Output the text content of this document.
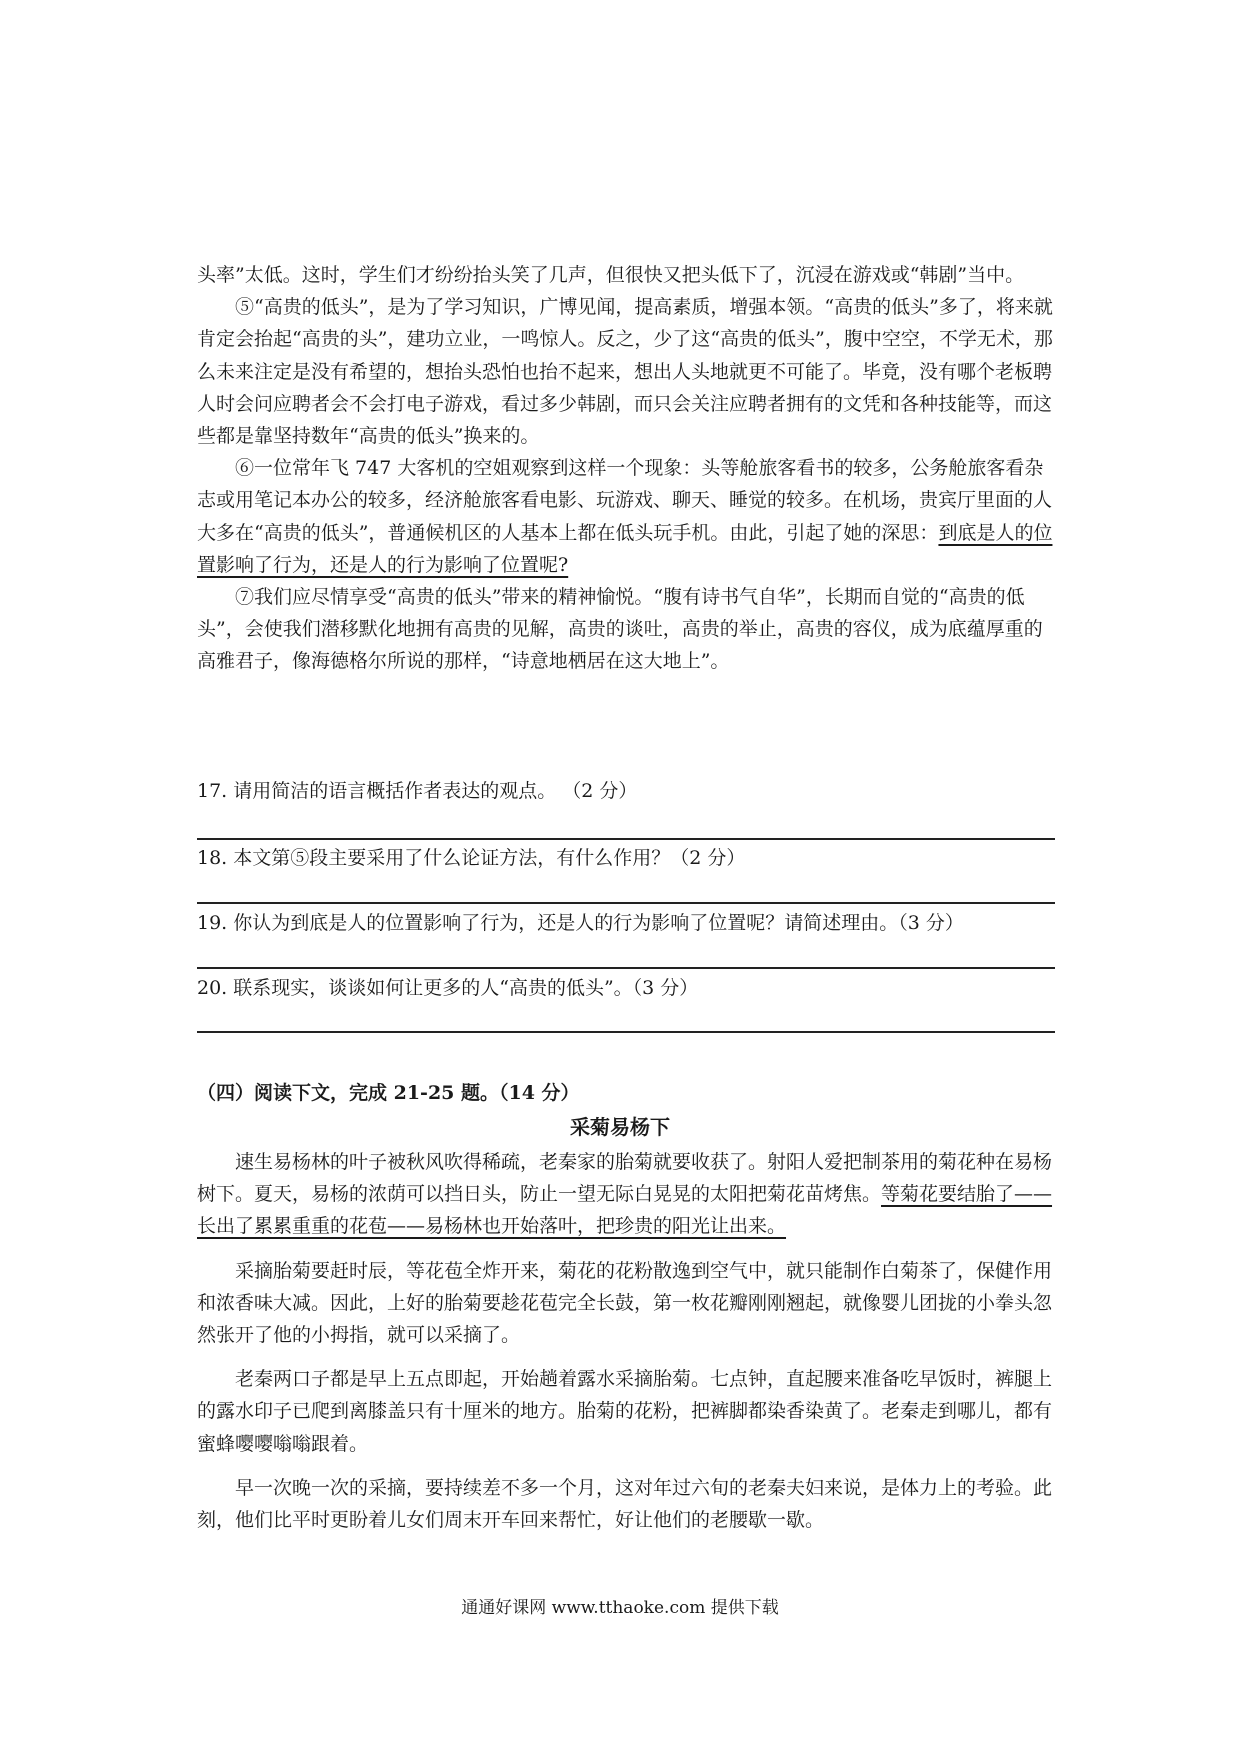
头率”太低。这时，学生们才纷纷抬头笑了几声，但很快又把头低下了，沉浸在游戏或“韩剧”当中。

⑤“高贵的低头”，是为了学习知识，广博见闻，提高素质，增强本领。“高贵的低头”多了，将来就肯定会抬起“高贵的头”，建功立业，一鸣惊人。反之，少了这“高贵的低头”，腹中空空，不学无术，那么未来注定是没有希望的，想抬头恐怕也抬不起来，想出人头地就更不可能了。毕竟，没有哪个老板聘人时会问应聘者会不会打电子游戏，看过多少韩剧，而只会关注应聘者拥有的文凭和各种技能等，而这些都是靠坚持数年“高贵的低头”换来的。

⑥一位常年飞 747 大客机的空姐观察到这样一个现象：头等舱旅客看书的较多，公务舱旅客看杂志或用笔记本办公的较多，经济舱旅客看电影、玩游戏、聊天、睡觉的较多。在机场，贵宾厅里面的人大多在“高贵的低头”，普通候机区的人基本上都在低头玩手机。由此，引起了她的深思：到底是人的位置影响了行为，还是人的行为影响了位置呢?

⑦我们应尽情享受“高贵的低头”带来的精神愉悦。“腹有诗书气自华”，长期而自觉的“高贵的低头”，会使我们潜移默化地拥有高贵的见解，高贵的谈吐，高贵的举止，高贵的容仪，成为底蕴厚重的高雅君子，像海德格尔所说的那样，“诗意地栖居在这大地上”。

17. 请用简洁的语言概括作者表达的观点。 （2 分）
18. 本文第⑤段主要采用了什么论证方法，有什么作用？（2 分）
19. 你认为到底是人的位置影响了行为，还是人的行为影响了位置呢？请简述理由。（3 分）
20. 联系现实，谈谈如何让更多的人“高贵的低头”。（3 分）
（四）阅读下文，完成 21-25 题。（14 分）
采菊易杨下

速生易杨林的叶子被秋风吹得稀疏，老秦家的胎菊就要收获了。射阳人爱把制茶用的菊花种在易杨树下。夏天，易杨的浓荫可以挡日头，防止一望无际白晃晃的太阳把菊花苗烤焦。等菊花要结胎了——长出了累累重重的花苞——易杨林也开始落叶，把珍贵的阳光让出来。

采摘胎菊要赶时辰，等花苞全炸开来，菊花的花粉散逸到空气中，就只能制作白菊茶了，保健作用和浓香味大减。因此，上好的胎菊要趁花苞完全长鼓，第一枚花瓣刚刚翘起，就像婴儿团拢的小拳头忽然张开了他的小拇指，就可以采摘了。

老秦两口子都是早上五点即起，开始趟着露水采摘胎菊。七点钟，直起腰来准备吃早饭时，裤腿上的露水印子已爬到离膝盖只有十厘米的地方。胎菊的花粉，把裤脚都染香染黄了。老秦走到哪儿，都有蜜蜂嘤嘤嗡嗡跟着。

早一次晚一次的采摘，要持续差不多一个月，这对年过六旬的老秦夫妇来说，是体力上的考验。此刻，他们比平时更盼着儿女们周末开车回来帮忙，好让他们的老腰歇一歇。

通通好课网 www.tthaoke.com 提供下载
